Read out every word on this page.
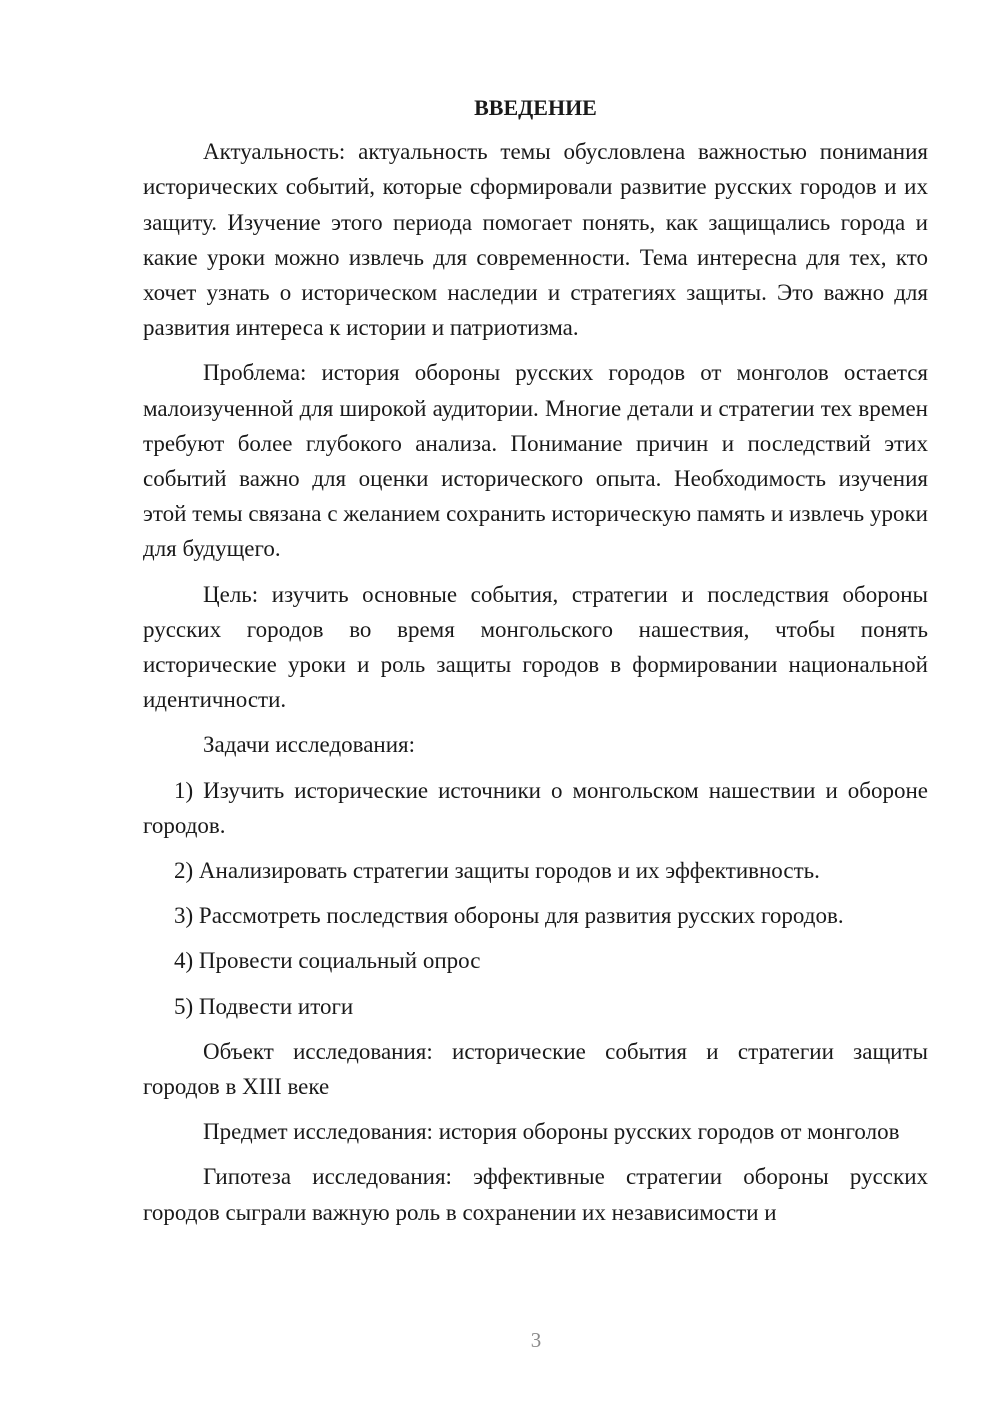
ВВЕДЕНИЕ

Актуальность: актуальность темы обусловлена важностью понимания исторических событий, которые сформировали развитие русских городов и их защиту. Изучение этого периода помогает понять, как защищались города и какие уроки можно извлечь для современности. Тема интересна для тех, кто хочет узнать о историческом наследии и стратегиях защиты. Это важно для развития интереса к истории и патриотизма.

Проблема: история обороны русских городов от монголов остается малоизученной для широкой аудитории. Многие детали и стратегии тех времен требуют более глубокого анализа. Понимание причин и последствий этих событий важно для оценки исторического опыта. Необходимость изучения этой темы связана с желанием сохранить историческую память и извлечь уроки для будущего.

Цель: изучить основные события, стратегии и последствия обороны русских городов во время монгольского нашествия, чтобы понять исторические уроки и роль защиты городов в формировании национальной идентичности.

Задачи исследования:

1) Изучить исторические источники о монгольском нашествии и обороне городов.

2) Анализировать стратегии защиты городов и их эффективность.

3) Рассмотреть последствия обороны для развития русских городов.

4) Провести социальный опрос

5) Подвести итоги

Объект исследования: исторические события и стратегии защиты городов в XIII веке

Предмет исследования: история обороны русских городов от монголов

Гипотеза исследования: эффективные стратегии обороны русских городов сыграли важную роль в сохранении их независимости и

3
